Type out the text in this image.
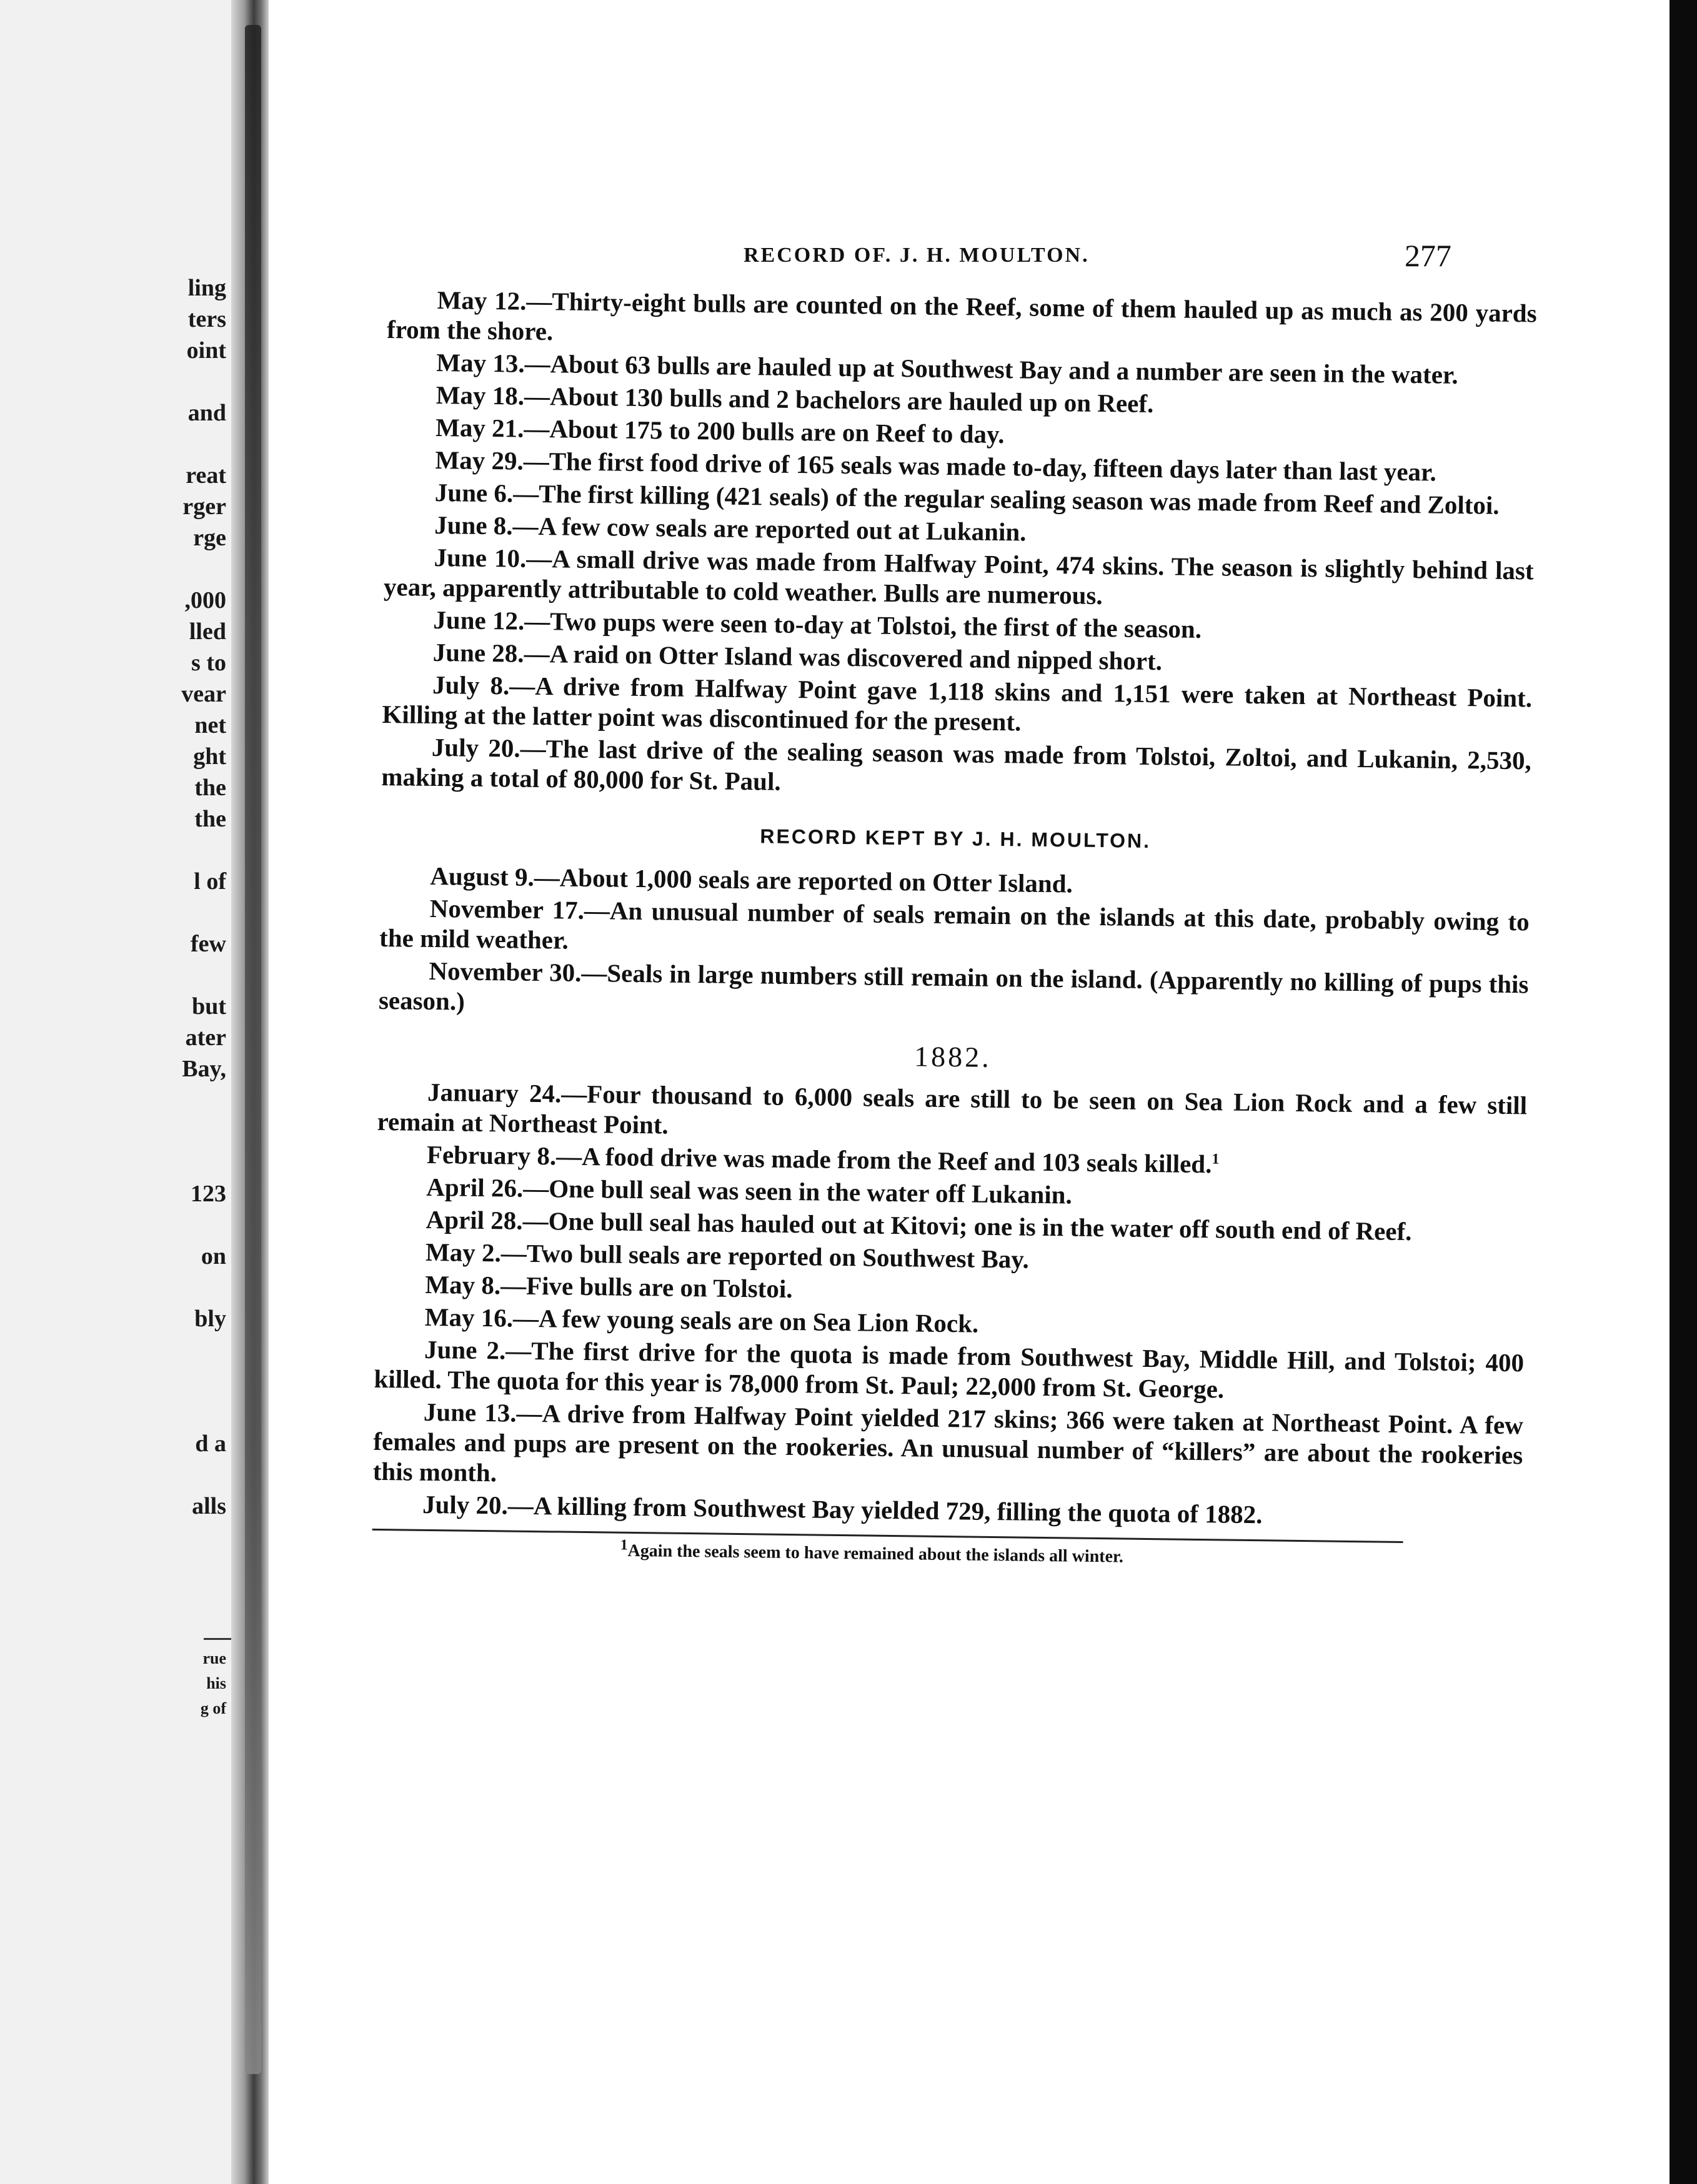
ling
ters
oint
and
reat
rger
rge
,000
lled
s to
vear
net
ght
the
the
l of
few
but
ater
Bay,
123
on
bly
d a
alls
rue
his
g of
RECORD OF. J. H. MOULTON.	277

May 12.—Thirty-eight bulls are counted on the Reef, some of them hauled up as much as 200 yards from the shore.

May 13.—About 63 bulls are hauled up at Southwest Bay and a number are seen in the water.

May 18.—About 130 bulls and 2 bachelors are hauled up on Reef.

May 21.—About 175 to 200 bulls are on Reef to day.

May 29.—The first food drive of 165 seals was made to-day, fifteen days later than last year.

June 6.—The first killing (421 seals) of the regular sealing season was made from Reef and Zoltoi.

June 8.—A few cow seals are reported out at Lukanin.

June 10.—A small drive was made from Halfway Point, 474 skins. The season is slightly behind last year, apparently attributable to cold weather. Bulls are numerous.

June 12.—Two pups were seen to-day at Tolstoi, the first of the season.

June 28.—A raid on Otter Island was discovered and nipped short.

July 8.—A drive from Halfway Point gave 1,118 skins and 1,151 were taken at Northeast Point. Killing at the latter point was discontinued for the present.

July 20.—The last drive of the sealing season was made from Tolstoi, Zoltoi, and Lukanin, 2,530, making a total of 80,000 for St. Paul.

RECORD KEPT BY J. H. MOULTON.

August 9.—About 1,000 seals are reported on Otter Island.

November 17.—An unusual number of seals remain on the islands at this date, probably owing to the mild weather.

November 30.—Seals in large numbers still remain on the island. (Apparently no killing of pups this season.)

1882.

January 24.—Four thousand to 6,000 seals are still to be seen on Sea Lion Rock and a few still remain at Northeast Point.

February 8.—A food drive was made from the Reef and 103 seals killed.$^1$

April 26.—One bull seal was seen in the water off Lukanin.

April 28.—One bull seal has hauled out at Kitovi; one is in the water off south end of Reef.

May 2.—Two bull seals are reported on Southwest Bay.

May 8.—Five bulls are on Tolstoi.

May 16.—A few young seals are on Sea Lion Rock.

June 2.—The first drive for the quota is made from Southwest Bay, Middle Hill, and Tolstoi; 400 killed. The quota for this year is 78,000 from St. Paul; 22,000 from St. George.

June 13.—A drive from Halfway Point yielded 217 skins; 366 were taken at Northeast Point. A few females and pups are present on the rookeries. An unusual number of “killers” are about the rookeries this month.

July 20.—A killing from Southwest Bay yielded 729, filling the quota of 1882.

$^1$Again the seals seem to have remained about the islands all winter.
